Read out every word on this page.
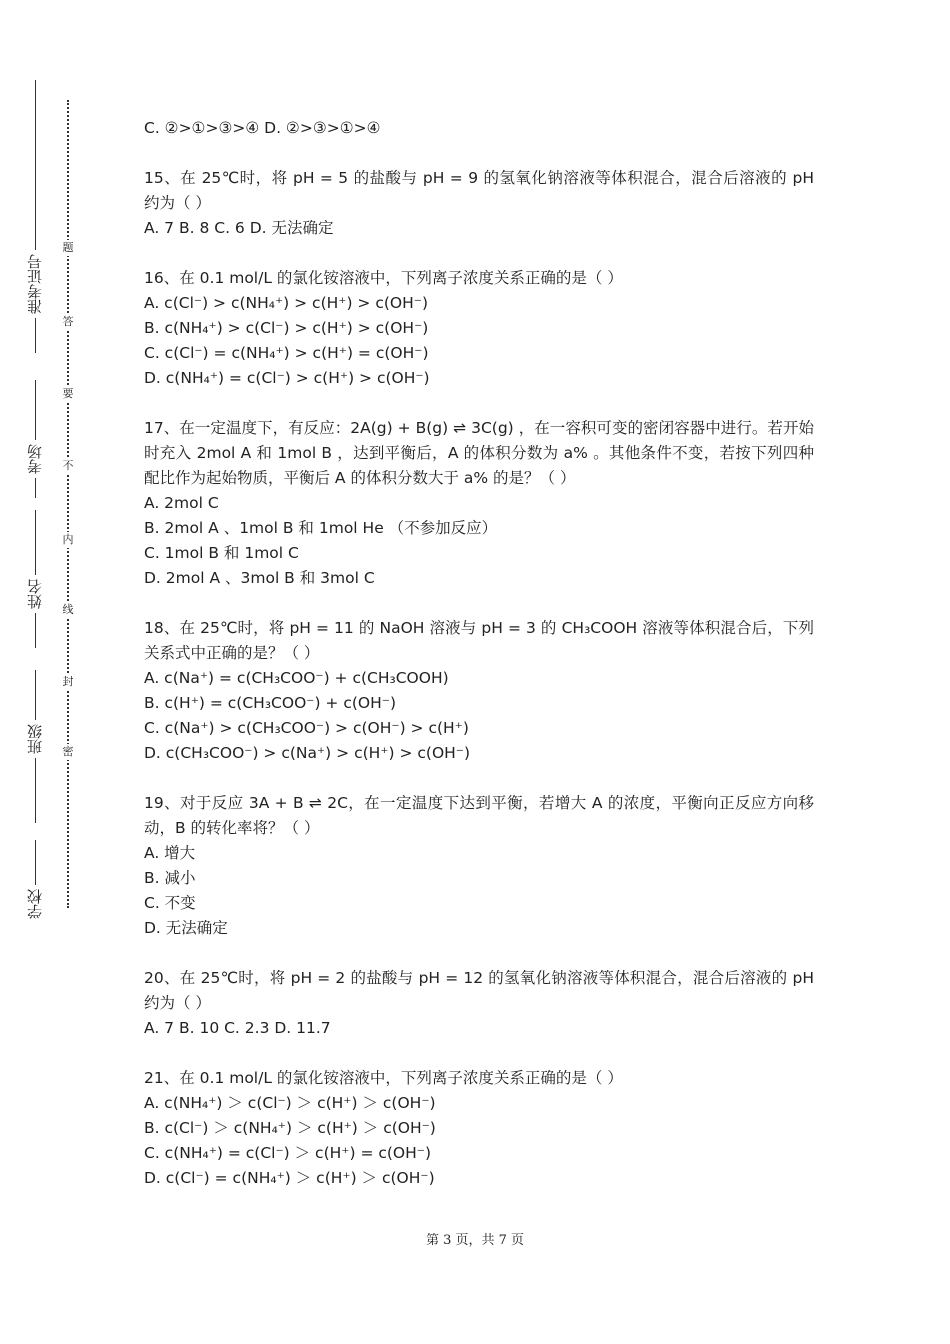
准考证号
考场
姓名
班级
学校
题
答
要
不
内
线
封
密
C. ②>①>③>④ D. ②>③>①>④
15、在 25℃时，将 pH = 5 的盐酸与 pH = 9 的氢氧化钠溶液等体积混合，混合后溶液的 pH 约为（ ）
A. 7 B. 8 C. 6 D. 无法确定
16、在 0.1 mol/L 的氯化铵溶液中，下列离子浓度关系正确的是（ ）
A. c(Cl⁻) > c(NH₄⁺) > c(H⁺) > c(OH⁻)
B. c(NH₄⁺) > c(Cl⁻) > c(H⁺) > c(OH⁻)
C. c(Cl⁻) = c(NH₄⁺) > c(H⁺) = c(OH⁻)
D. c(NH₄⁺) = c(Cl⁻) > c(H⁺) > c(OH⁻)
17、在一定温度下，有反应：2A(g) + B(g) ⇌ 3C(g) ，在一容积可变的密闭容器中进行。若开始时充入 2mol A 和 1mol B ，达到平衡后，A 的体积分数为 a% 。其他条件不变，若按下列四种配比作为起始物质，平衡后 A 的体积分数大于 a% 的是？（ ）
A. 2mol C
B. 2mol A 、1mol B 和 1mol He （不参加反应）
C. 1mol B 和 1mol C
D. 2mol A 、3mol B 和 3mol C
18、在 25℃时，将 pH = 11 的 NaOH 溶液与 pH = 3 的 CH₃COOH 溶液等体积混合后，下列关系式中正确的是？（ ）
A. c(Na⁺) = c(CH₃COO⁻) + c(CH₃COOH)
B. c(H⁺) = c(CH₃COO⁻) + c(OH⁻)
C. c(Na⁺) > c(CH₃COO⁻) > c(OH⁻) > c(H⁺)
D. c(CH₃COO⁻) > c(Na⁺) > c(H⁺) > c(OH⁻)
19、对于反应 3A + B ⇌ 2C，在一定温度下达到平衡，若增大 A 的浓度，平衡向正反应方向移动，B 的转化率将？（ ）
A. 增大
B. 减小
C. 不变
D. 无法确定
20、在 25℃时，将 pH = 2 的盐酸与 pH = 12 的氢氧化钠溶液等体积混合，混合后溶液的 pH 约为（ ）
A. 7 B. 10 C. 2.3 D. 11.7
21、在 0.1 mol/L 的氯化铵溶液中，下列离子浓度关系正确的是（ ）
A. c(NH₄⁺) ＞ c(Cl⁻) ＞ c(H⁺) ＞ c(OH⁻)
B. c(Cl⁻) ＞ c(NH₄⁺) ＞ c(H⁺) ＞ c(OH⁻)
C. c(NH₄⁺) = c(Cl⁻) ＞ c(H⁺) = c(OH⁻)
D. c(Cl⁻) = c(NH₄⁺) ＞ c(H⁺) ＞ c(OH⁻)
第 3 页，共 7 页
